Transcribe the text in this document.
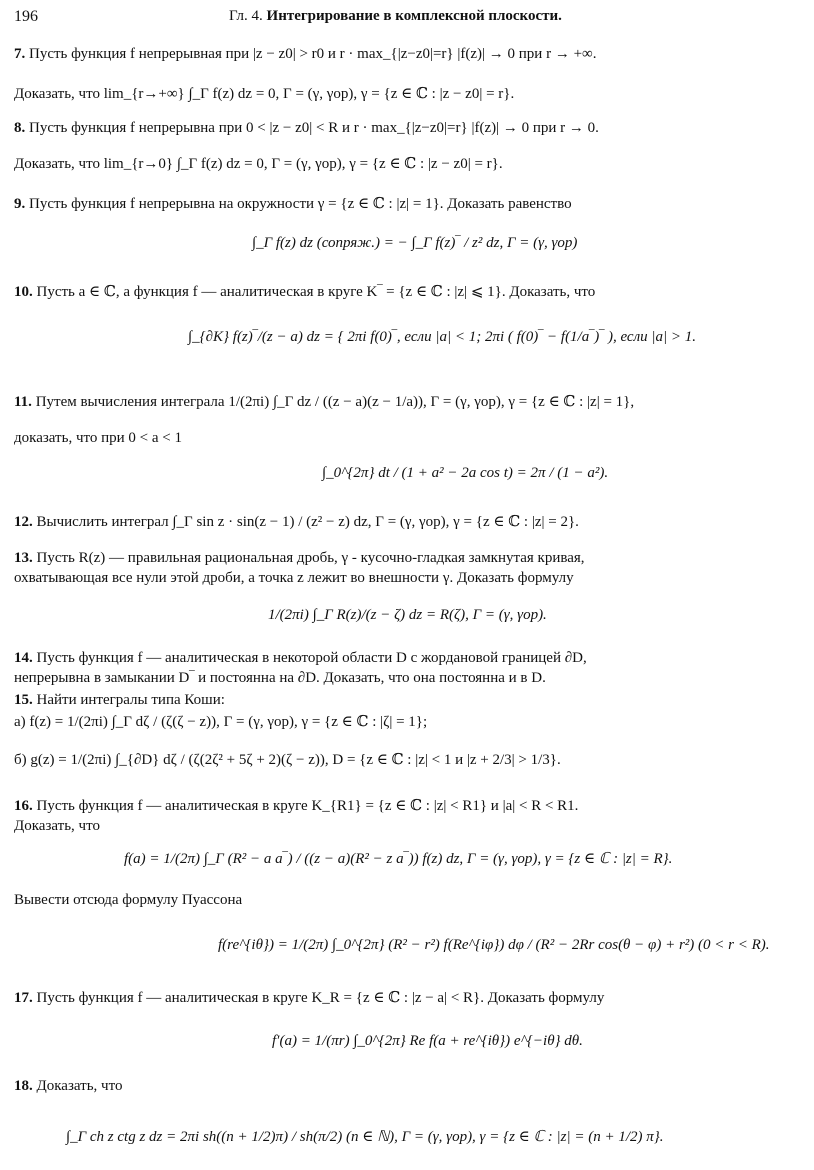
196	Гл. 4. Интегрирование в комплексной плоскости.
7. Пусть функция f непрерывная при |z − z0| > r0 и r · max_{|z−z0|=r} |f(z)| → 0 при r → +∞.
Доказать, что lim_{r→+∞} ∫_Γ f(z) dz = 0, Γ = (γ, γop), γ = {z ∈ ℂ : |z − z0| = r}.
8. Пусть функция f непрерывна при 0 < |z − z0| < R и r · max_{|z−z0|=r} |f(z)| → 0 при r → 0.
Доказать, что lim_{r→0} ∫_Γ f(z) dz = 0, Γ = (γ, γop), γ = {z ∈ ℂ : |z − z0| = r}.
9. Пусть функция f непрерывна на окружности γ = {z ∈ ℂ : |z| = 1}. Доказать равенство
∫_Γ f(z) dz (сопряж.) = − ∫_Γ f(z)‾ / z² dz, Γ = (γ, γop)
10. Пусть a ∈ ℂ, а функция f — аналитическая в круге K‾ = {z ∈ ℂ : |z| ⩽ 1}. Доказать, что
∫_{∂K} f(z)‾/(z − a) dz = { 2πi f(0)‾, если |a| < 1; 2πi ( f(0)‾ − f(1/a‾)‾ ), если |a| > 1.
11. Путем вычисления интеграла 1/(2πi) ∫_Γ dz / ((z − a)(z − 1/a)), Γ = (γ, γop), γ = {z ∈ ℂ : |z| = 1},
доказать, что при 0 < a < 1
∫_0^{2π} dt / (1 + a² − 2a cos t) = 2π / (1 − a²).
12. Вычислить интеграл ∫_Γ sin z · sin(z − 1) / (z² − z) dz, Γ = (γ, γop), γ = {z ∈ ℂ : |z| = 2}.
13. Пусть R(z) — правильная рациональная дробь, γ - кусочно-гладкая замкнутая кривая,
охватывающая все нули этой дроби, а точка z лежит во внешности γ. Доказать формулу
1/(2πi) ∫_Γ R(z)/(z − ζ) dz = R(ζ), Γ = (γ, γop).
14. Пусть функция f — аналитическая в некоторой области D с жордановой границей ∂D,
непрерывна в замыкании D‾ и постоянна на ∂D. Доказать, что она постоянна и в D.
15. Найти интегралы типа Коши:
а) f(z) = 1/(2πi) ∫_Γ dζ / (ζ(ζ − z)), Γ = (γ, γop), γ = {z ∈ ℂ : |ζ| = 1};
б) g(z) = 1/(2πi) ∫_{∂D} dζ / (ζ(2ζ² + 5ζ + 2)(ζ − z)), D = {z ∈ ℂ : |z| < 1 и |z + 2/3| > 1/3}.
16. Пусть функция f — аналитическая в круге K_{R1} = {z ∈ ℂ : |z| < R1} и |a| < R < R1.
Доказать, что
f(a) = 1/(2π) ∫_Γ (R² − a a‾) / ((z − a)(R² − z a‾)) f(z) dz, Γ = (γ, γop), γ = {z ∈ ℂ : |z| = R}.
Вывести отсюда формулу Пуассона
f(re^{iθ}) = 1/(2π) ∫_0^{2π} (R² − r²) f(Re^{iφ}) dφ / (R² − 2Rr cos(θ − φ) + r²) (0 < r < R).
17. Пусть функция f — аналитическая в круге K_R = {z ∈ ℂ : |z − a| < R}. Доказать формулу
f′(a) = 1/(πr) ∫_0^{2π} Re f(a + re^{iθ}) e^{−iθ} dθ.
18. Доказать, что
∫_Γ ch z ctg z dz = 2πi sh((n + 1/2)π) / sh(π/2) (n ∈ ℕ), Γ = (γ, γop), γ = {z ∈ ℂ : |z| = (n + 1/2) π}.
